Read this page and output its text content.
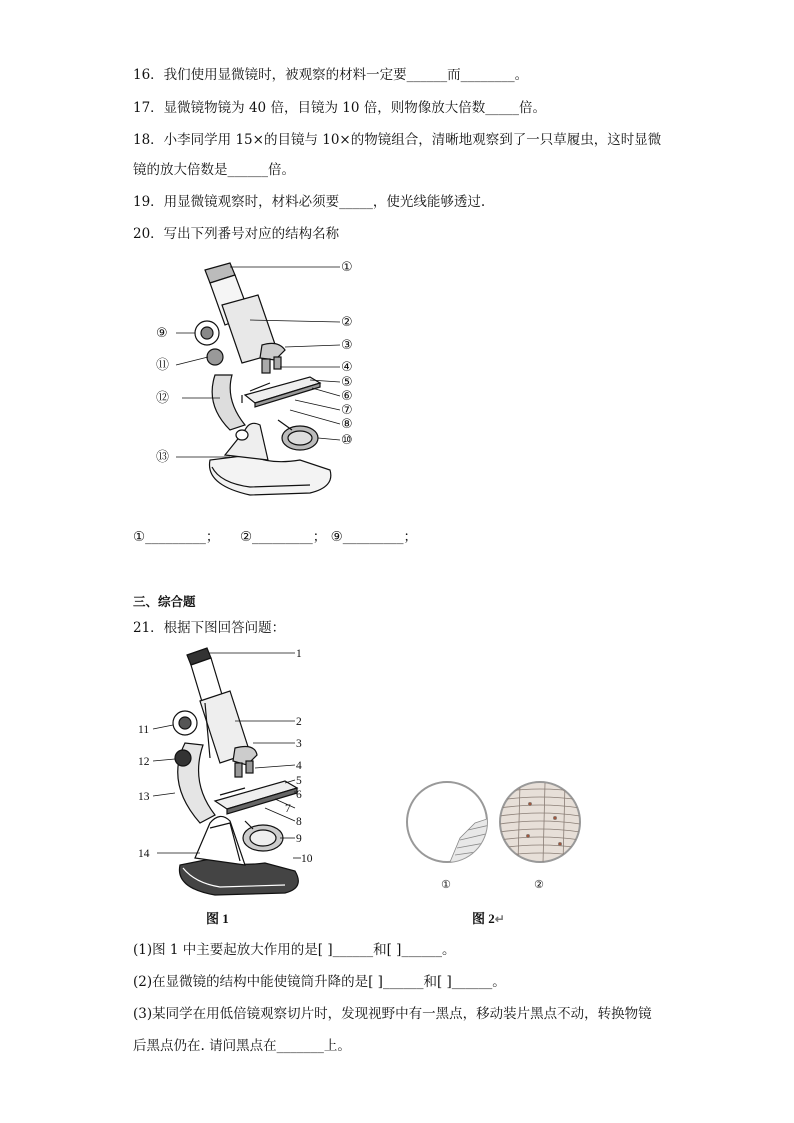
16．我们使用显微镜时，被观察的材料一定要______而________。
17．显微镜物镜为 40 倍，目镜为 10 倍，则物像放大倍数_____倍。
18．小李同学用 15×的目镜与 10×的物镜组合，清晰地观察到了一只草履虫，这时显微
镜的放大倍数是______倍。
19．用显微镜观察时，材料必须要_____，使光线能够透过.
20．写出下列番号对应的结构名称
①
②
③
④
⑤
⑥
⑦
⑧
⑩
⑨
⑪
⑫
⑬
①_________； ②_________； ⑨_________；
三、综合题
21．根据下图回答问题：
1
2
3
4
5
6
7
8
9
10
11
12
13
14
图 1
①	②
图 2↵
(1)图 1 中主要起放大作用的是[ ]______和[ ]______。
(2)在显微镜的结构中能使镜筒升降的是[ ]______和[ ]______。
(3)某同学在用低倍镜观察切片时，发现视野中有一黑点，移动装片黑点不动，转换物镜
后黑点仍在. 请问黑点在_______上。
